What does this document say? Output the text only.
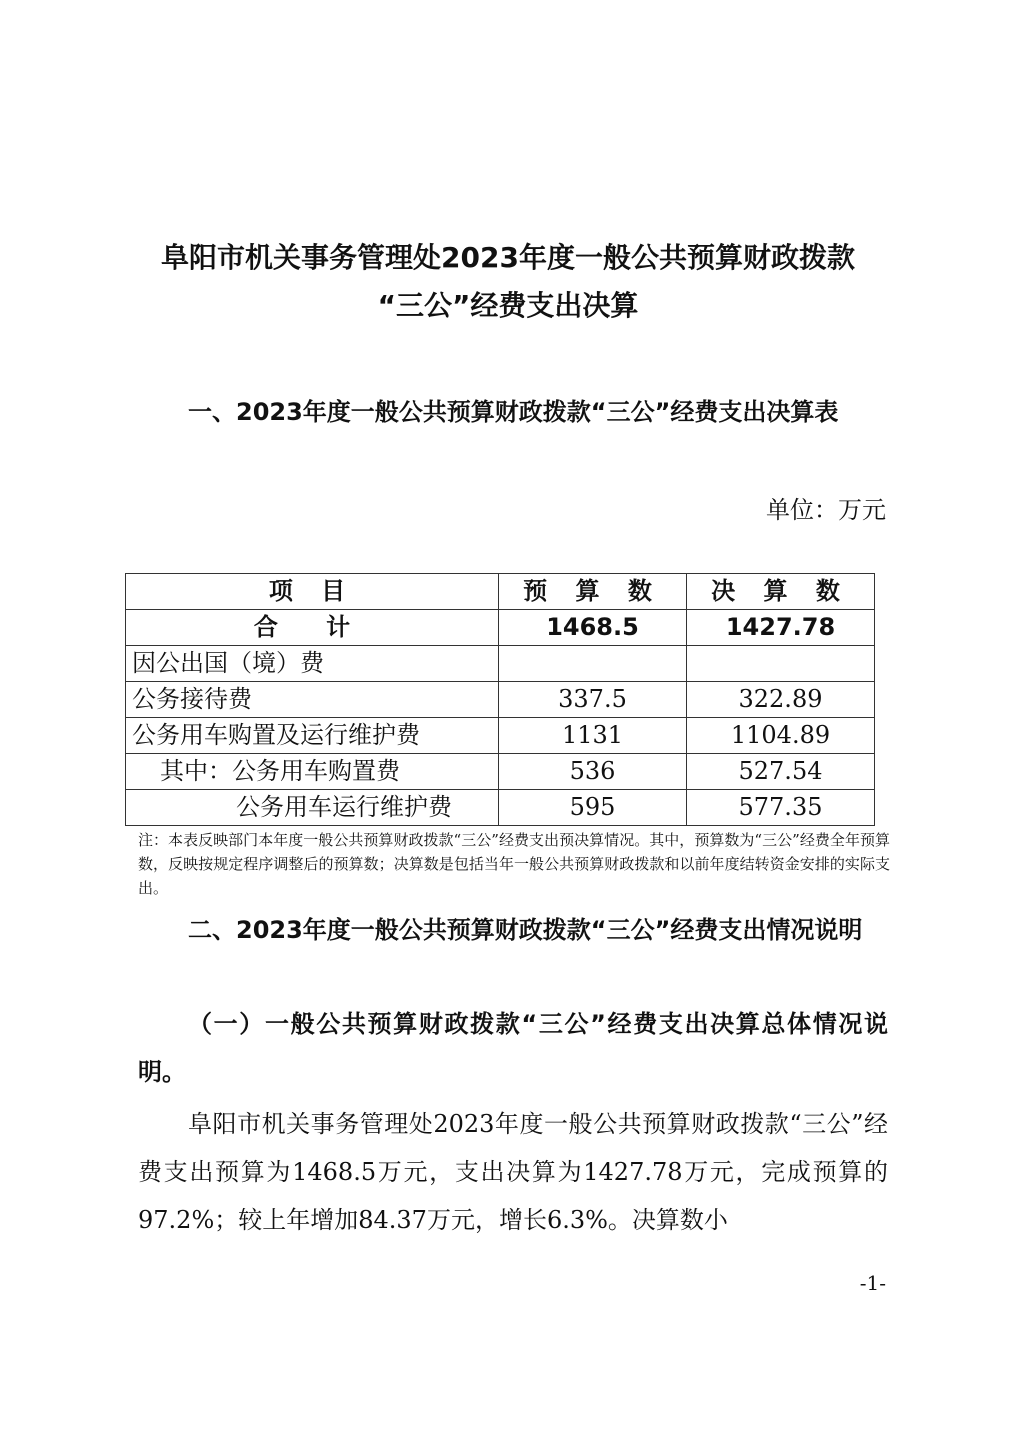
阜阳市机关事务管理处2023年度一般公共预算财政拨款
“三公”经费支出决算
一、2023年度一般公共预算财政拨款“三公”经费支出决算表
单位：万元
项 目	预 算 数	决 算 数
合 计	1468.5	1427.78
因公出国（境）费		
公务接待费	337.5	322.89
公务用车购置及运行维护费	1131	1104.89
其中：公务用车购置费	536	527.54
公务用车运行维护费	595	577.35

注：本表反映部门本年度一般公共预算财政拨款“三公”经费支出预决算情况。其中，预算数为“三公”经费全年预算数，反映按规定程序调整后的预算数；决算数是包括当年一般公共预算财政拨款和以前年度结转资金安排的实际支出。

二、2023年度一般公共预算财政拨款“三公”经费支出情况说明
（一）一般公共预算财政拨款“三公”经费支出决算总体情况说明。

阜阳市机关事务管理处2023年度一般公共预算财政拨款“三公”经费支出预算为1468.5万元，支出决算为1427.78万元，完成预算的97.2%；较上年增加84.37万元，增长6.3%。决算数小

-1-
